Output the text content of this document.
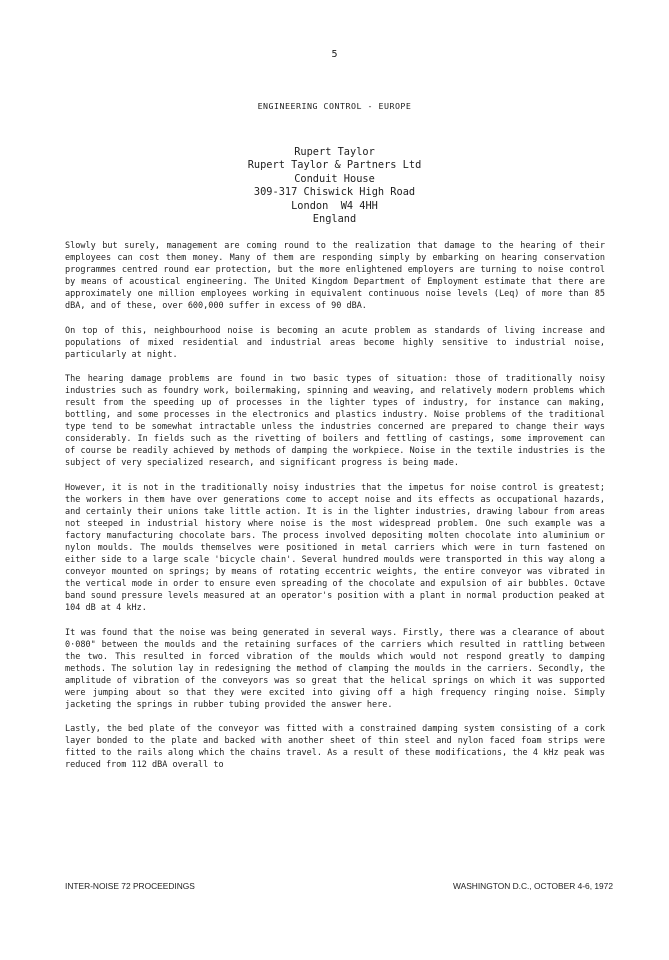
5
ENGINEERING CONTROL - EUROPE
Rupert Taylor
Rupert Taylor & Partners Ltd
Conduit House
309-317 Chiswick High Road
London  W4 4HH
England

Slowly but surely, management are coming round to the realization that damage to the hearing of their employees can cost them money. Many of them are responding simply by embarking on hearing conservation programmes centred round ear protection, but the more enlightened employers are turning to noise control by means of acoustical engineering. The United Kingdom Department of Employment estimate that there are approximately one million employees working in equivalent continuous noise levels (Leq) of more than 85 dBA, and of these, over 600,000 suffer in excess of 90 dBA.

On top of this, neighbourhood noise is becoming an acute problem as standards of living increase and populations of mixed residential and industrial areas become highly sensitive to industrial noise, particularly at night.

The hearing damage problems are found in two basic types of situation: those of traditionally noisy industries such as foundry work, boilermaking, spinning and weaving, and relatively modern problems which result from the speeding up of processes in the lighter types of industry, for instance can making, bottling, and some processes in the electronics and plastics industry. Noise problems of the traditional type tend to be somewhat intractable unless the industries concerned are prepared to change their ways considerably. In fields such as the rivetting of boilers and fettling of castings, some improvement can of course be readily achieved by methods of damping the workpiece. Noise in the textile industries is the subject of very specialized research, and significant progress is being made.

However, it is not in the traditionally noisy industries that the impetus for noise control is greatest; the workers in them have over generations come to accept noise and its effects as occupational hazards, and certainly their unions take little action. It is in the lighter industries, drawing labour from areas not steeped in industrial history where noise is the most widespread problem. One such example was a factory manufacturing chocolate bars. The process involved depositing molten chocolate into aluminium or nylon moulds. The moulds themselves were positioned in metal carriers which were in turn fastened on either side to a large scale 'bicycle chain'. Several hundred moulds were transported in this way along a conveyor mounted on springs; by means of rotating eccentric weights, the entire conveyor was vibrated in the vertical mode in order to ensure even spreading of the chocolate and expulsion of air bubbles. Octave band sound pressure levels measured at an operator's position with a plant in normal production peaked at 104 dB at 4 kHz.

It was found that the noise was being generated in several ways. Firstly, there was a clearance of about 0·080" between the moulds and the retaining surfaces of the carriers which resulted in rattling between the two. This resulted in forced vibration of the moulds which would not respond greatly to damping methods. The solution lay in redesigning the method of clamping the moulds in the carriers. Secondly, the amplitude of vibration of the conveyors was so great that the helical springs on which it was supported were jumping about so that they were excited into giving off a high frequency ringing noise. Simply jacketing the springs in rubber tubing provided the answer here.

Lastly, the bed plate of the conveyor was fitted with a constrained damping system consisting of a cork layer bonded to the plate and backed with another sheet of thin steel and nylon faced foam strips were fitted to the rails along which the chains travel. As a result of these modifications, the 4 kHz peak was reduced from 112 dBA overall to

INTER-NOISE 72 PROCEEDINGS	WASHINGTON D.C., OCTOBER 4-6, 1972
